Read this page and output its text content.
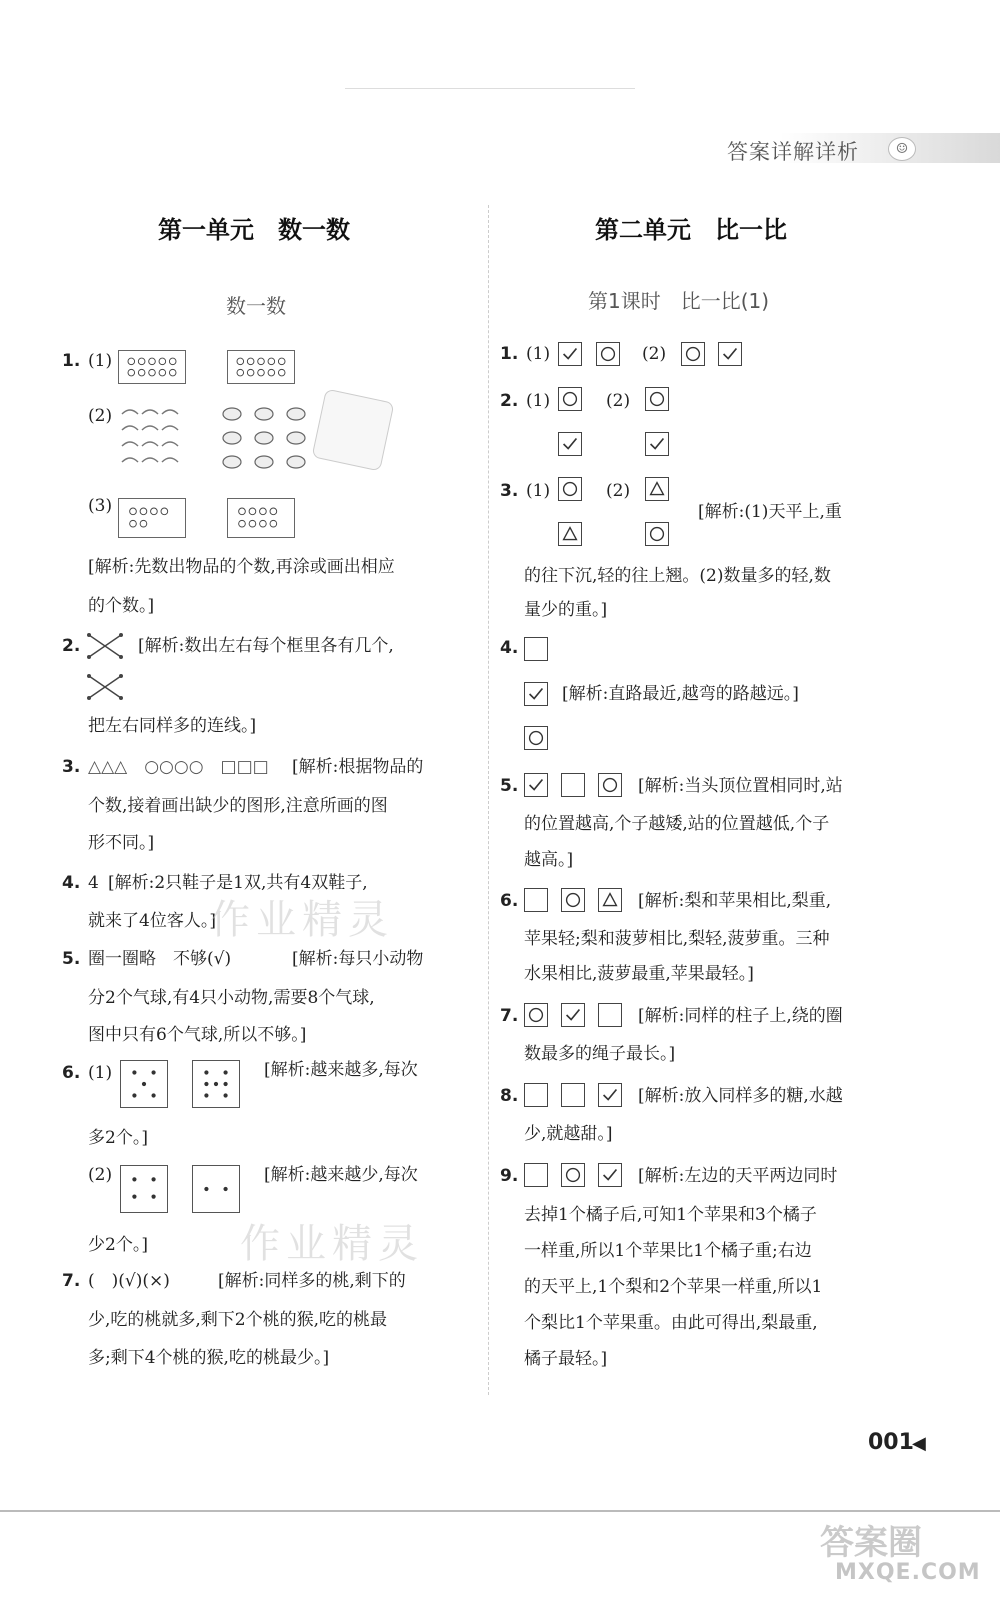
答案详解详析	☺
第一单元　数一数
数一数
1. (1)
(2)
(3)
[解析:先数出物品的个数,再涂或画出相应
的个数。]
2.	[解析:数出左右每个框里各有几个,
把左右同样多的连线。]
3. △△△　○○○○　□□□ [解析:根据物品的
个数,接着画出缺少的图形,注意所画的图
形不同。]
4. 4 [解析:2只鞋子是1双,共有4双鞋子,
就来了4位客人。]
5. 圈一圈略　不够(√)	[解析:每只小动物
分2个气球,有4只小动物,需要8个气球,
图中只有6个气球,所以不够。]
6. (1)	[解析:越来越多,每次
多2个。]
(2)	[解析:越来越少,每次
少2个。]
7. (　)(√)(×)	[解析:同样多的桃,剩下的
少,吃的桃就多,剩下2个桃的猴,吃的桃最
多;剩下4个桃的猴,吃的桃最少。]
作业精灵
作业精灵
第二单元　比一比
第1课时　比一比(1)
1. (1)	(2)
2. (1)	(2)
3. (1)	(2)
[解析:(1)天平上,重
的往下沉,轻的往上翘。(2)数量多的轻,数
量少的重。]
4.
[解析:直路最近,越弯的路越远。]
5.	[解析:当头顶位置相同时,站
的位置越高,个子越矮,站的位置越低,个子
越高。]
6.	[解析:梨和苹果相比,梨重,
苹果轻;梨和菠萝相比,梨轻,菠萝重。三种
水果相比,菠萝最重,苹果最轻。]
7.	[解析:同样的柱子上,绕的圈
数最多的绳子最长。]
8.	[解析:放入同样多的糖,水越
少,就越甜。]
9.	[解析:左边的天平两边同时
去掉1个橘子后,可知1个苹果和3个橘子
一样重,所以1个苹果比1个橘子重;右边
的天平上,1个梨和2个苹果一样重,所以1
个梨比1个苹果重。由此可得出,梨最重,
橘子最轻。]
001
◀
答案圈
MXQE.COM
